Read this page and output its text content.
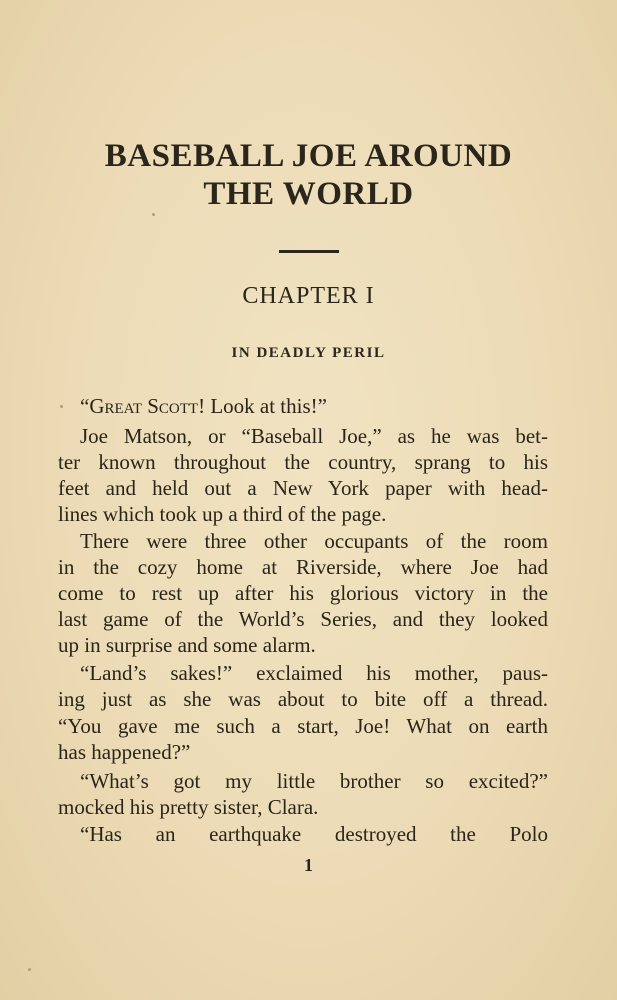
BASEBALL JOE AROUND
THE WORLD
CHAPTER I
IN DEADLY PERIL
“Great Scott! Look at this!”
Joe Matson, or “Baseball Joe,” as he was bet-
ter known throughout the country, sprang to his
feet and held out a New York paper with head-
lines which took up a third of the page.
There were three other occupants of the room
in the cozy home at Riverside, where Joe had
come to rest up after his glorious victory in the
last game of the World’s Series, and they looked
up in surprise and some alarm.
“Land’s sakes!” exclaimed his mother, paus-
ing just as she was about to bite off a thread.
“You gave me such a start, Joe! What on earth
has happened?”
“What’s got my little brother so excited?”
mocked his pretty sister, Clara.
“Has an earthquake destroyed the Polo
1
